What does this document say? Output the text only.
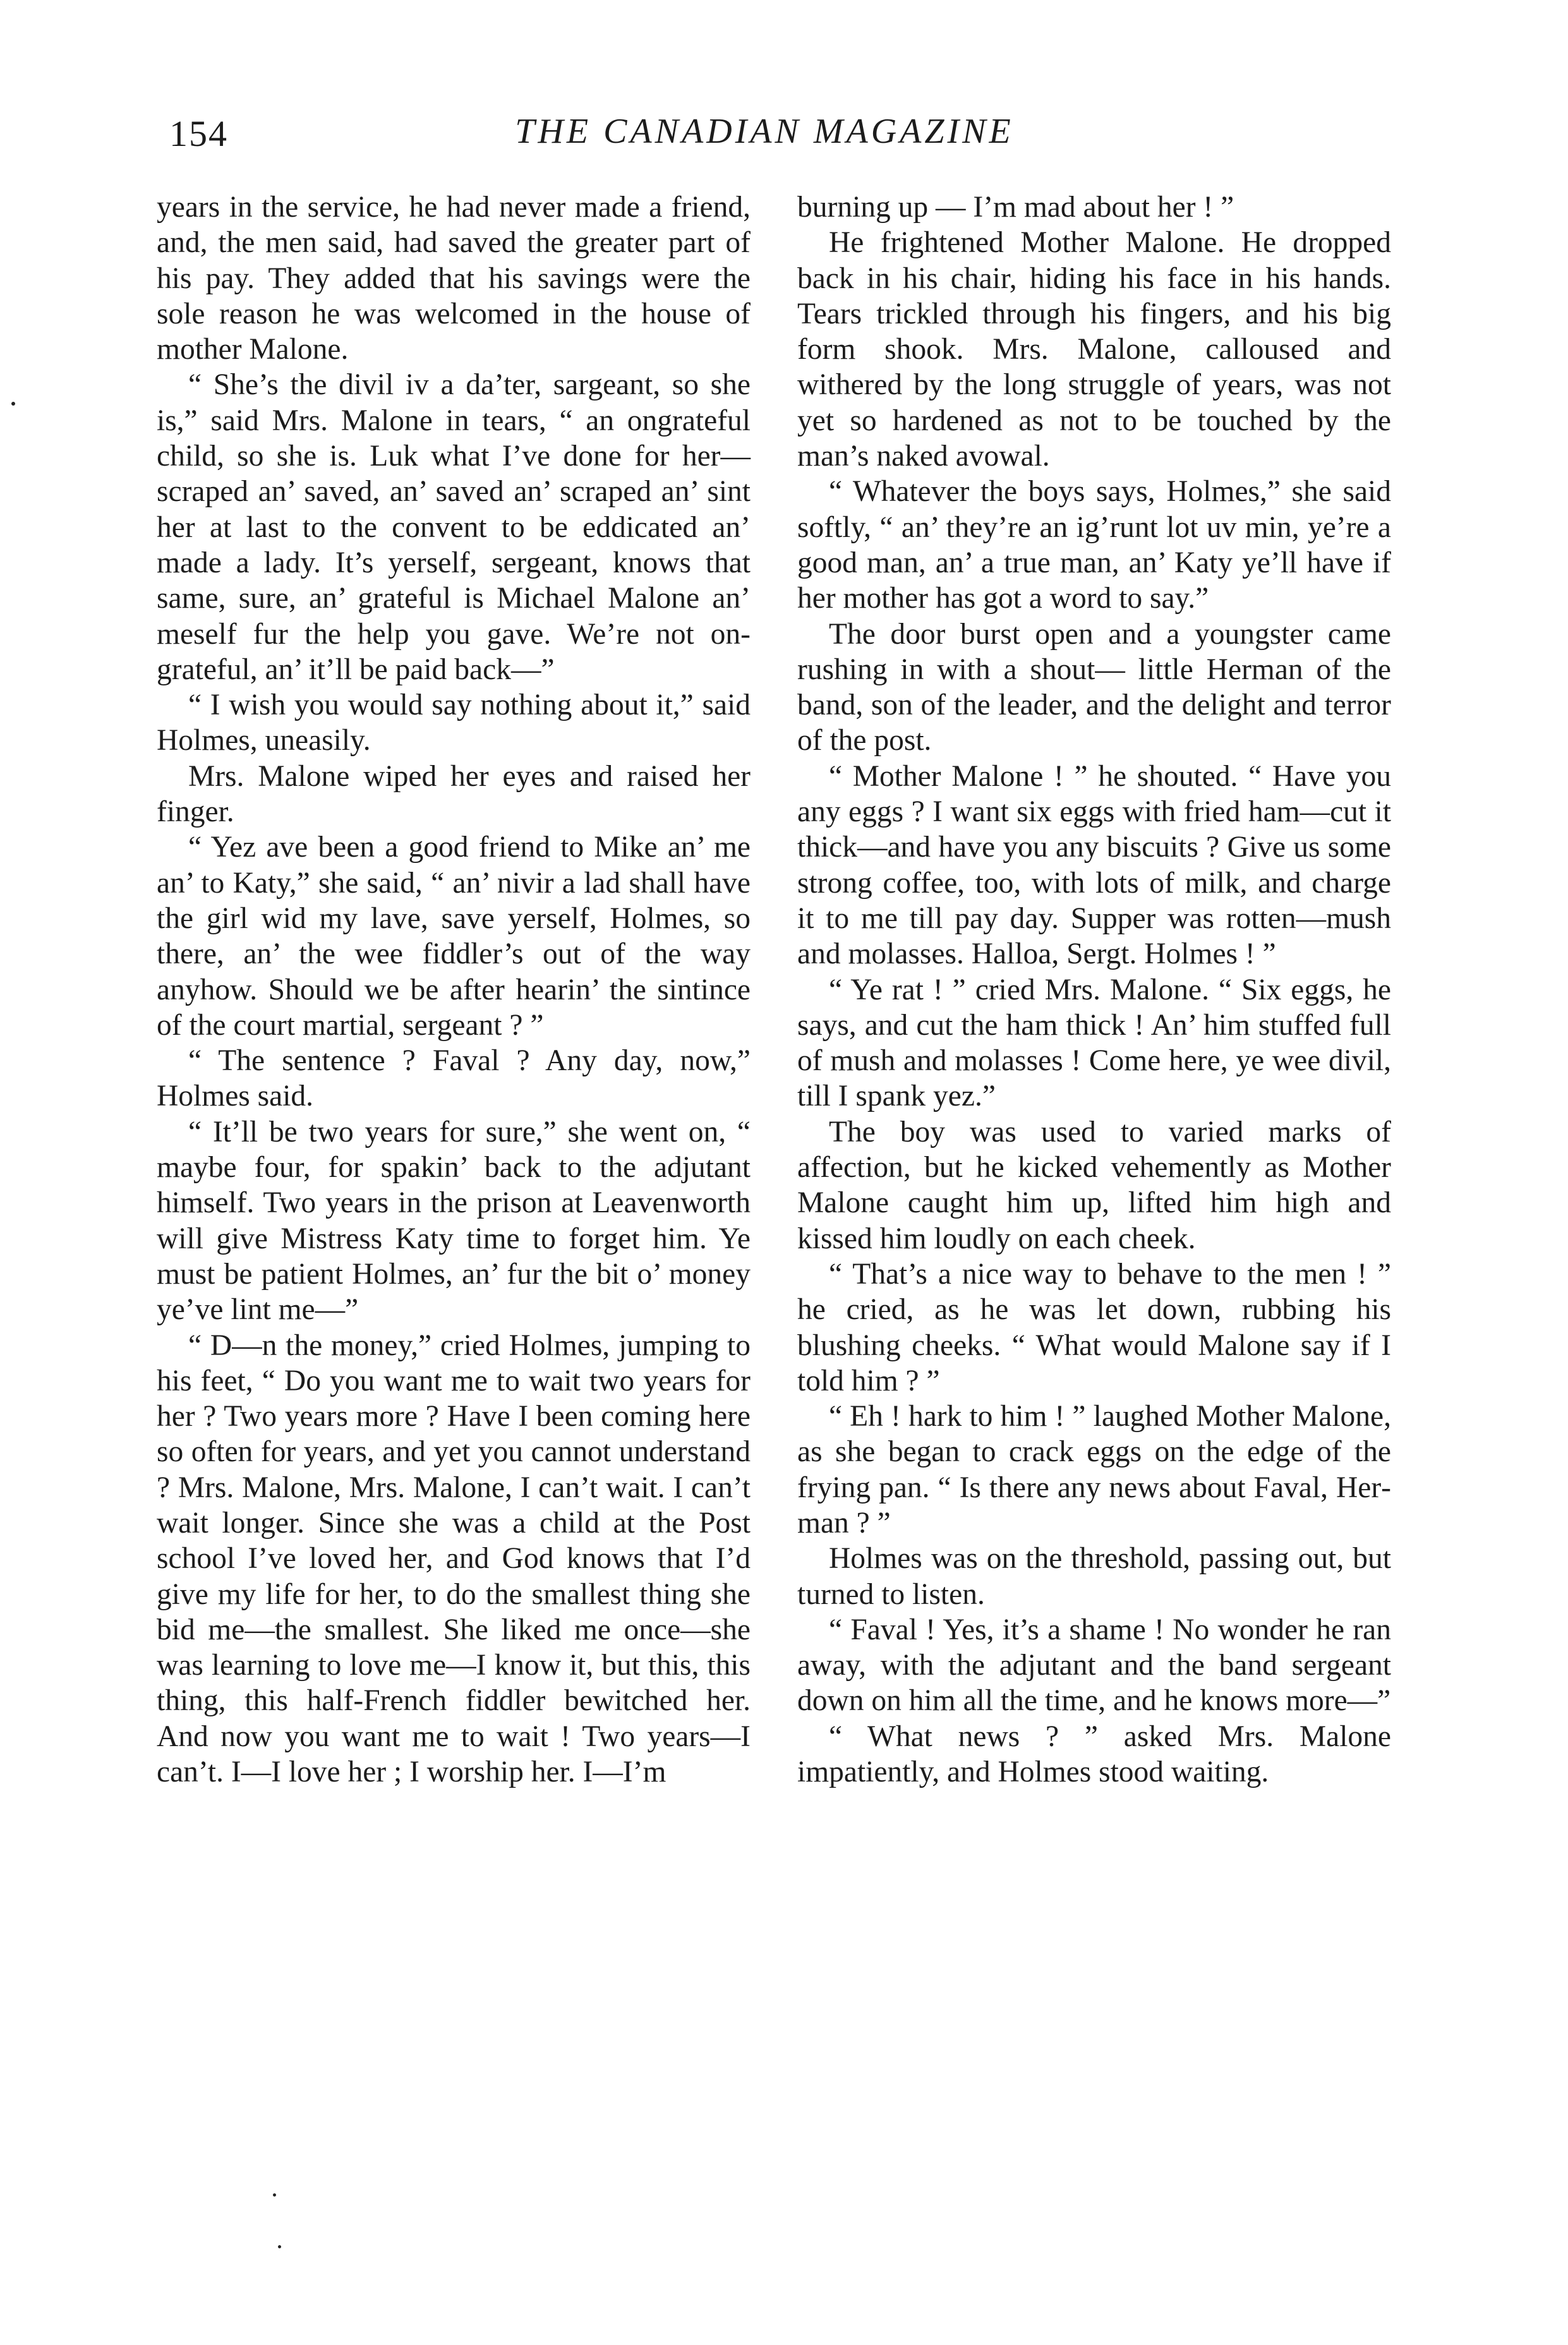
154	THE CANADIAN MAGAZINE

years in the service, he had never made a friend, and, the men said, had saved the greater part of his pay. They added that his savings were the sole reason he was welcomed in the house of mother Malone.

“ She’s the divil iv a da’ter, sargeant, so she is,” said Mrs. Malone in tears, “ an ongrateful child, so she is. Luk what I’ve done for her—scraped an’ saved, an’ saved an’ scraped an’ sint her at last to the convent to be eddicated an’ made a lady. It’s yerself, sergeant, knows that same, sure, an’ grateful is Michael Malone an’ meself fur the help you gave. We’re not ongrateful, an’ it’ll be paid back—”

“ I wish you would say nothing about it,” said Holmes, uneasily.

Mrs. Malone wiped her eyes and raised her finger.

“ Yez ave been a good friend to Mike an’ me an’ to Katy,” she said, “ an’ nivir a lad shall have the girl wid my lave, save yerself, Holmes, so there, an’ the wee fiddler’s out of the way anyhow. Should we be after hearin’ the sintince of the court martial, sergeant ? ”

“ The sentence ? Faval ? Any day, now,” Holmes said.

“ It’ll be two years for sure,” she went on, “ maybe four, for spakin’ back to the adjutant himself. Two years in the prison at Leavenworth will give Mistress Katy time to forget him. Ye must be patient Holmes, an’ fur the bit o’ money ye’ve lint me—”

“ D—n the money,” cried Holmes, jumping to his feet, “ Do you want me to wait two years for her ? Two years more ? Have I been coming here so often for years, and yet you cannot understand ? Mrs. Malone, Mrs. Malone, I can’t wait. I can’t wait longer. Since she was a child at the Post school I’ve loved her, and God knows that I’d give my life for her, to do the smallest thing she bid me—the smallest. She liked me once—she was learning to love me—I know it, but this, this thing, this half-French fiddler bewitched her. And now you want me to wait ! Two years—I can’t. I—I love her ; I worship her. I—I’m

burning up — I’m mad about her ! ”

He frightened Mother Malone. He dropped back in his chair, hiding his face in his hands. Tears trickled through his fingers, and his big form shook. Mrs. Malone, calloused and withered by the long struggle of years, was not yet so hardened as not to be touched by the man’s naked avowal.

“ Whatever the boys says, Holmes,” she said softly, “ an’ they’re an ig’runt lot uv min, ye’re a good man, an’ a true man, an’ Katy ye’ll have if her mother has got a word to say.”

The door burst open and a youngster came rushing in with a shout— little Herman of the band, son of the leader, and the delight and terror of the post.

“ Mother Malone ! ” he shouted. “ Have you any eggs ? I want six eggs with fried ham—cut it thick—and have you any biscuits ? Give us some strong coffee, too, with lots of milk, and charge it to me till pay day. Supper was rotten—mush and molasses. Halloa, Sergt. Holmes ! ”

“ Ye rat ! ” cried Mrs. Malone. “ Six eggs, he says, and cut the ham thick ! An’ him stuffed full of mush and molasses ! Come here, ye wee divil, till I spank yez.”

The boy was used to varied marks of affection, but he kicked vehemently as Mother Malone caught him up, lifted him high and kissed him loudly on each cheek.

“ That’s a nice way to behave to the men ! ” he cried, as he was let down, rubbing his blushing cheeks. “ What would Malone say if I told him ? ”

“ Eh ! hark to him ! ” laughed Mother Malone, as she began to crack eggs on the edge of the frying pan. “ Is there any news about Faval, Herman ? ”

Holmes was on the threshold, passing out, but turned to listen.

“ Faval ! Yes, it’s a shame ! No wonder he ran away, with the adjutant and the band sergeant down on him all the time, and he knows more—”

“ What news ? ” asked Mrs. Malone impatiently, and Holmes stood waiting.
